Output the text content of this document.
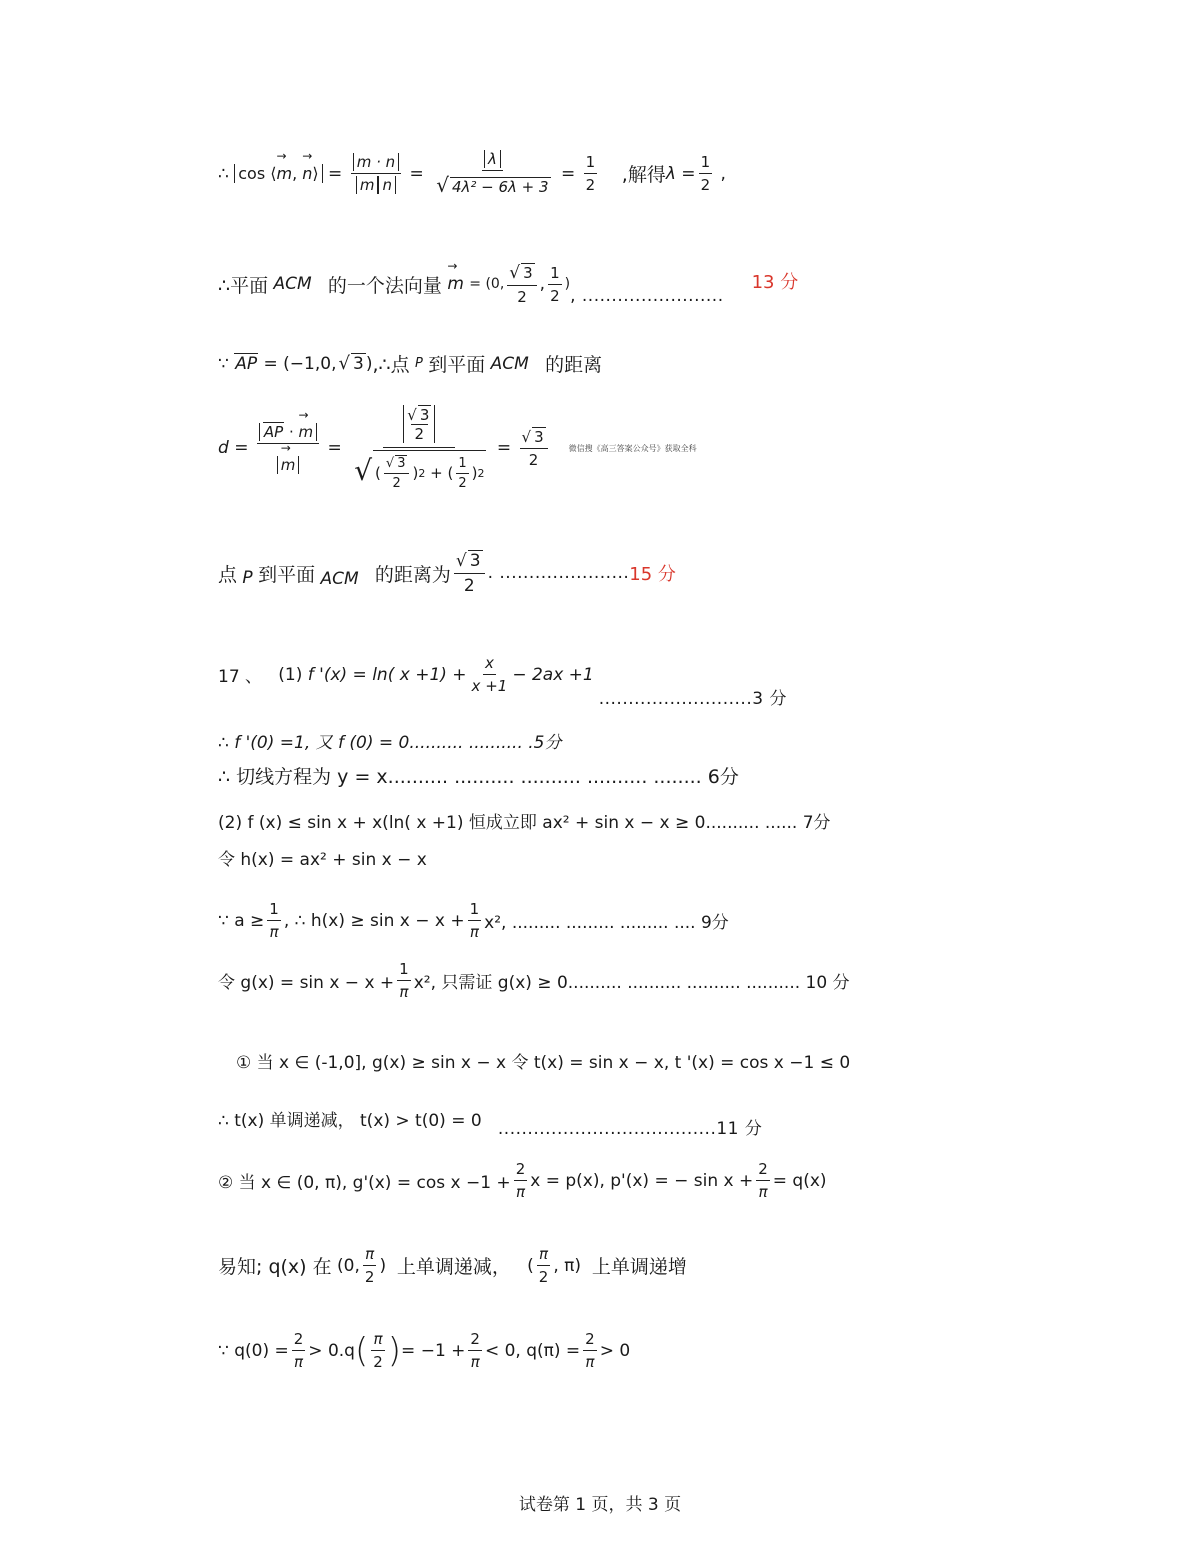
∴
cos ⟨→ m, → n⟩ = $\frac{m \cdot n}{\text{m n}} = \frac{\lambda}{\text{√ 4λ² − 6λ + 3}} = \frac{1}{2}$
,解得 $\lambda = \frac{1}{2}$ ,
∴平面
ACM
的一个法向量
→ m
= (0, $\frac{√ 3}{2}$ , $\frac{1}{2}$ )
, ........................
13 分
∵
AP
= (−1,0, √ 3 ) ,∴点
P
到平面
ACM
的距离
d = AP · → m
→ $m = \frac{\frac{√ 3}{2}}{√ ( \frac{√ 3}{2} ) 2 + ( \frac{1}{2} ) 2} = \frac{√ 3}{2}$	微信搜《高三答案公众号》获取全科
点
P
到平面
ACM
的距离为 $\frac{√ 3}{2}$ . ...................... 15 分
17 、
(1)
f '(x) = ln( $x +1) + \frac{x}{x +1} - 2ax +1$
..........................3 分
∴ f '(0) =1, 又 f (0) = 0.......... .......... .5分
∴ 切线方程为 y = x.......... .......... .......... .......... ........ 6分
(2) f (x) ≤ sin x + x(ln( x +1) 恒成立即 ax² + sin x − x ≥ 0.......... ...... 7分
令 h(x) = ax² + sin x − x
∵ $a \ge \frac{1}{\pi}$ , ∴ $h(x) \ge \sin x - x + \frac{1}{\pi} x^2$, ......... ......... ......... .... 9分
令 $g(x) = \sin x - x + \frac{1}{\pi} x^2$, 只需证 g(x) ≥ 0.......... .......... .......... .......... 10 分
① 当 x ∈ (-1,0], g(x) ≥ sin x − x 令 t(x) = sin x − x, t '(x) = cos x −1 ≤ 0
∴ t(x) 单调递减， t(x) > t(0) = 0
.....................................11 分
② 当 x ∈ (0, π), $g'(x) = \cos x -1 + \frac{2}{\pi}$ x = p(x), p'(x) = − $\sin x + \frac{2}{\pi} = q(x)$
易知; q(x) 在
(0, $\frac{\pi}{2}$ )
上单调递减，
( $\frac{\pi}{2}$ , π)
上单调递增
∵ $q(0) = \frac{2}{\pi} > 0.q$ ( $\frac{\pi}{2}$ ) = $-1 + \frac{2}{\pi} < 0$, $q(\pi) = \frac{2}{\pi} > 0$
试卷第 1 页，共 3 页
